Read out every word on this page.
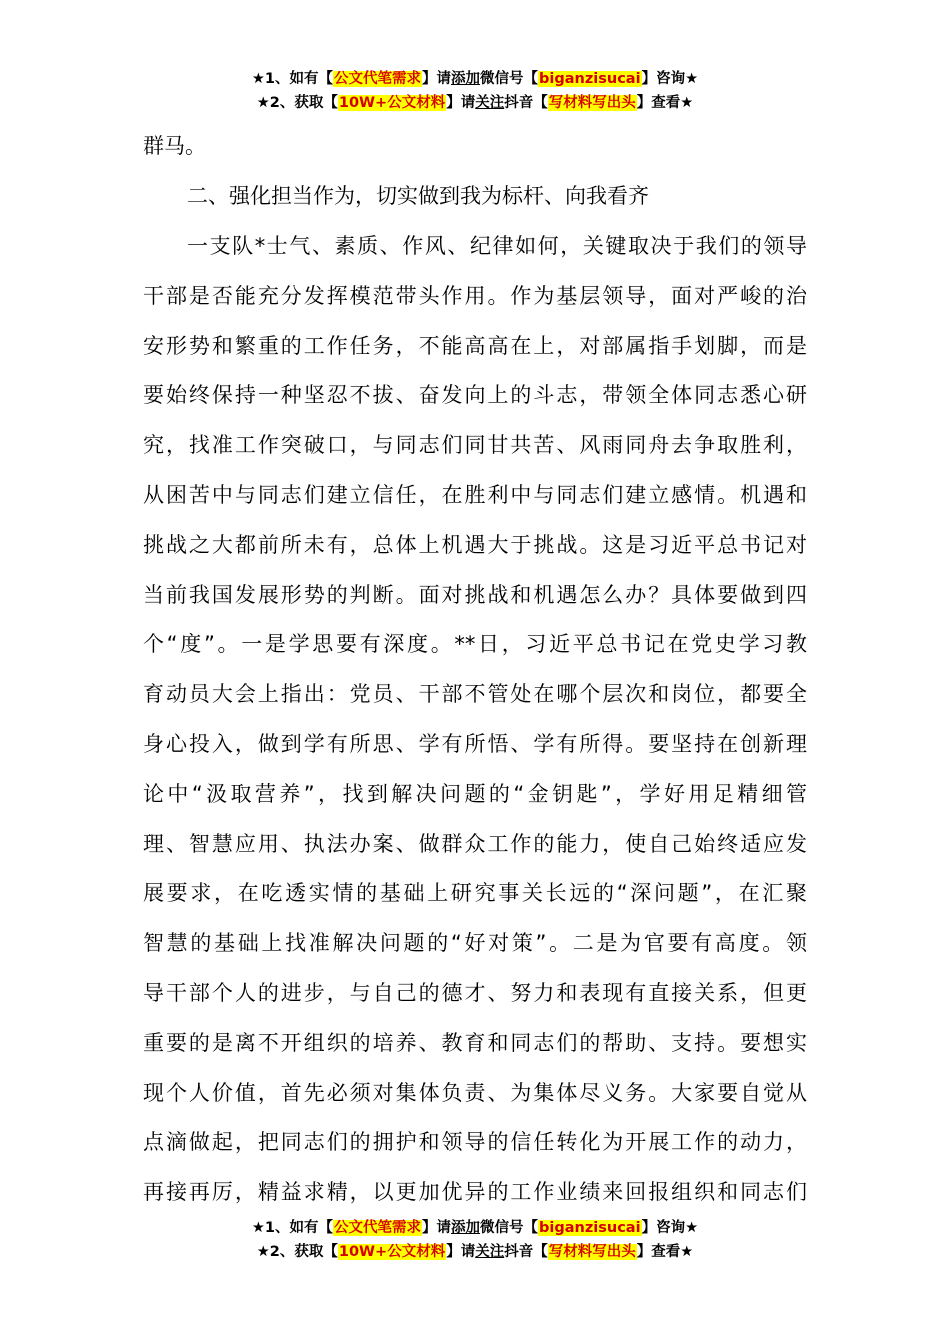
★1、如有【公文代笔需求】请添加微信号【biganzisucai】咨询★
★2、获取【10W+公文材料】请关注抖音【写材料写出头】查看★

群马。

二、强化担当作为，切实做到我为标杆、向我看齐

一支队*士气、素质、作风、纪律如何，关键取决于我们的领导
干部是否能充分发挥模范带头作用。作为基层领导，面对严峻的治
安形势和繁重的工作任务，不能高高在上，对部属指手划脚，而是
要始终保持一种坚忍不拔、奋发向上的斗志，带领全体同志悉心研
究，找准工作突破口，与同志们同甘共苦、风雨同舟去争取胜利，
从困苦中与同志们建立信任，在胜利中与同志们建立感情。机遇和
挑战之大都前所未有，总体上机遇大于挑战。这是习近平总书记对
当前我国发展形势的判断。面对挑战和机遇怎么办？具体要做到四
个“度”。一是学思要有深度。**日，习近平总书记在党史学习教
育动员大会上指出：党员、干部不管处在哪个层次和岗位，都要全
身心投入，做到学有所思、学有所悟、学有所得。要坚持在创新理
论中“汲取营养”，找到解决问题的“金钥匙”，学好用足精细管
理、智慧应用、执法办案、做群众工作的能力，使自己始终适应发
展要求，在吃透实情的基础上研究事关长远的“深问题”，在汇聚
智慧的基础上找准解决问题的“好对策”。二是为官要有高度。领
导干部个人的进步，与自己的德才、努力和表现有直接关系，但更
重要的是离不开组织的培养、教育和同志们的帮助、支持。要想实
现个人价值，首先必须对集体负责、为集体尽义务。大家要自觉从
点滴做起，把同志们的拥护和领导的信任转化为开展工作的动力，
再接再厉，精益求精，以更加优异的工作业绩来回报组织和同志们
★1、如有【公文代笔需求】请添加微信号【biganzisucai】咨询★
★2、获取【10W+公文材料】请关注抖音【写材料写出头】查看★
